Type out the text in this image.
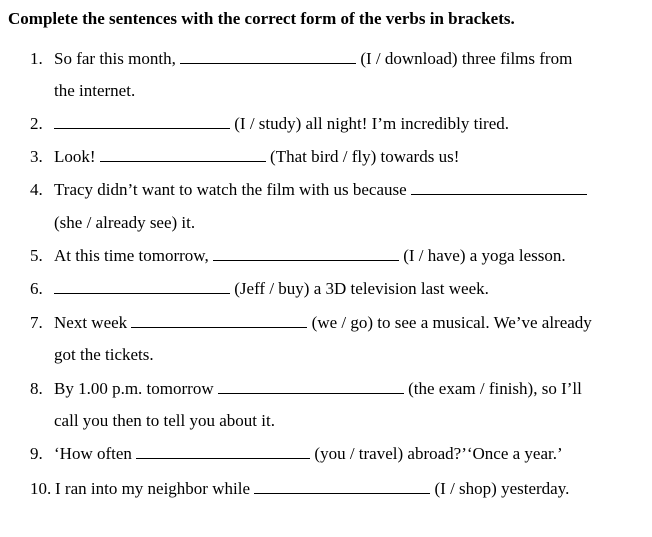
Complete the sentences with the correct form of the verbs in brackets.
1. So far this month,	(I / download) three films from
the internet.
2.	(I / study) all night! I’m incredibly tired.
3. Look!	(That bird / fly) towards us!
4. Tracy didn’t want to watch the film with us because
(she / already see) it.
5. At this time tomorrow,	(I / have) a yoga lesson.
6.	(Jeff / buy) a 3D television last week.
7. Next week	(we / go) to see a musical. We’ve already
got the tickets.
8. By 1.00 p.m. tomorrow	(the exam / finish), so I’ll
call you then to tell you about it.
9. ‘How often	(you / travel) abroad?’‘Once a year.’
10. I ran into my neighbor while	(I / shop) yesterday.
